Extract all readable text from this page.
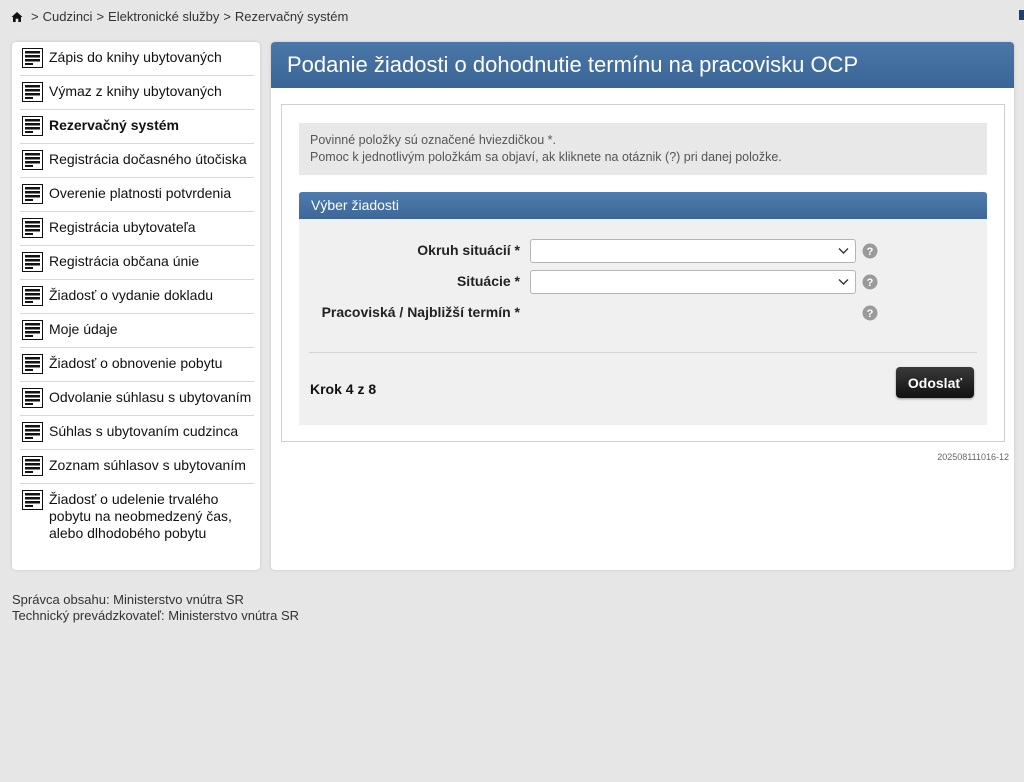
> Cudzinci > Elektronické služby > Rezervačný systém
Zápis do knihy ubytovaných
Výmaz z knihy ubytovaných
Rezervačný systém
Registrácia dočasného útočiska
Overenie platnosti potvrdenia
Registrácia ubytovateľa
Registrácia občana únie
Žiadosť o vydanie dokladu
Moje údaje
Žiadosť o obnovenie pobytu
Odvolanie súhlasu s ubytovaním
Súhlas s ubytovaním cudzinca
Zoznam súhlasov s ubytovaním
Žiadosť o udelenie trvalého pobytu na neobmedzený čas, alebo dlhodobého pobytu
Podanie žiadosti o dohodnutie termínu na pracovisku OCP
Povinné položky sú označené hviezdičkou *.
Pomoc k jednotlivým položkám sa objaví, ak kliknete na otáznik (?) pri danej položke.
Výber žiadosti
Okruh situácií *	?
Situácie *	?
Pracoviská / Najbližší termín *	?
Krok 4 z 8	Odoslať
202508111016-12
Správca obsahu: Ministerstvo vnútra SR
Technický prevádzkovateľ: Ministerstvo vnútra SR
